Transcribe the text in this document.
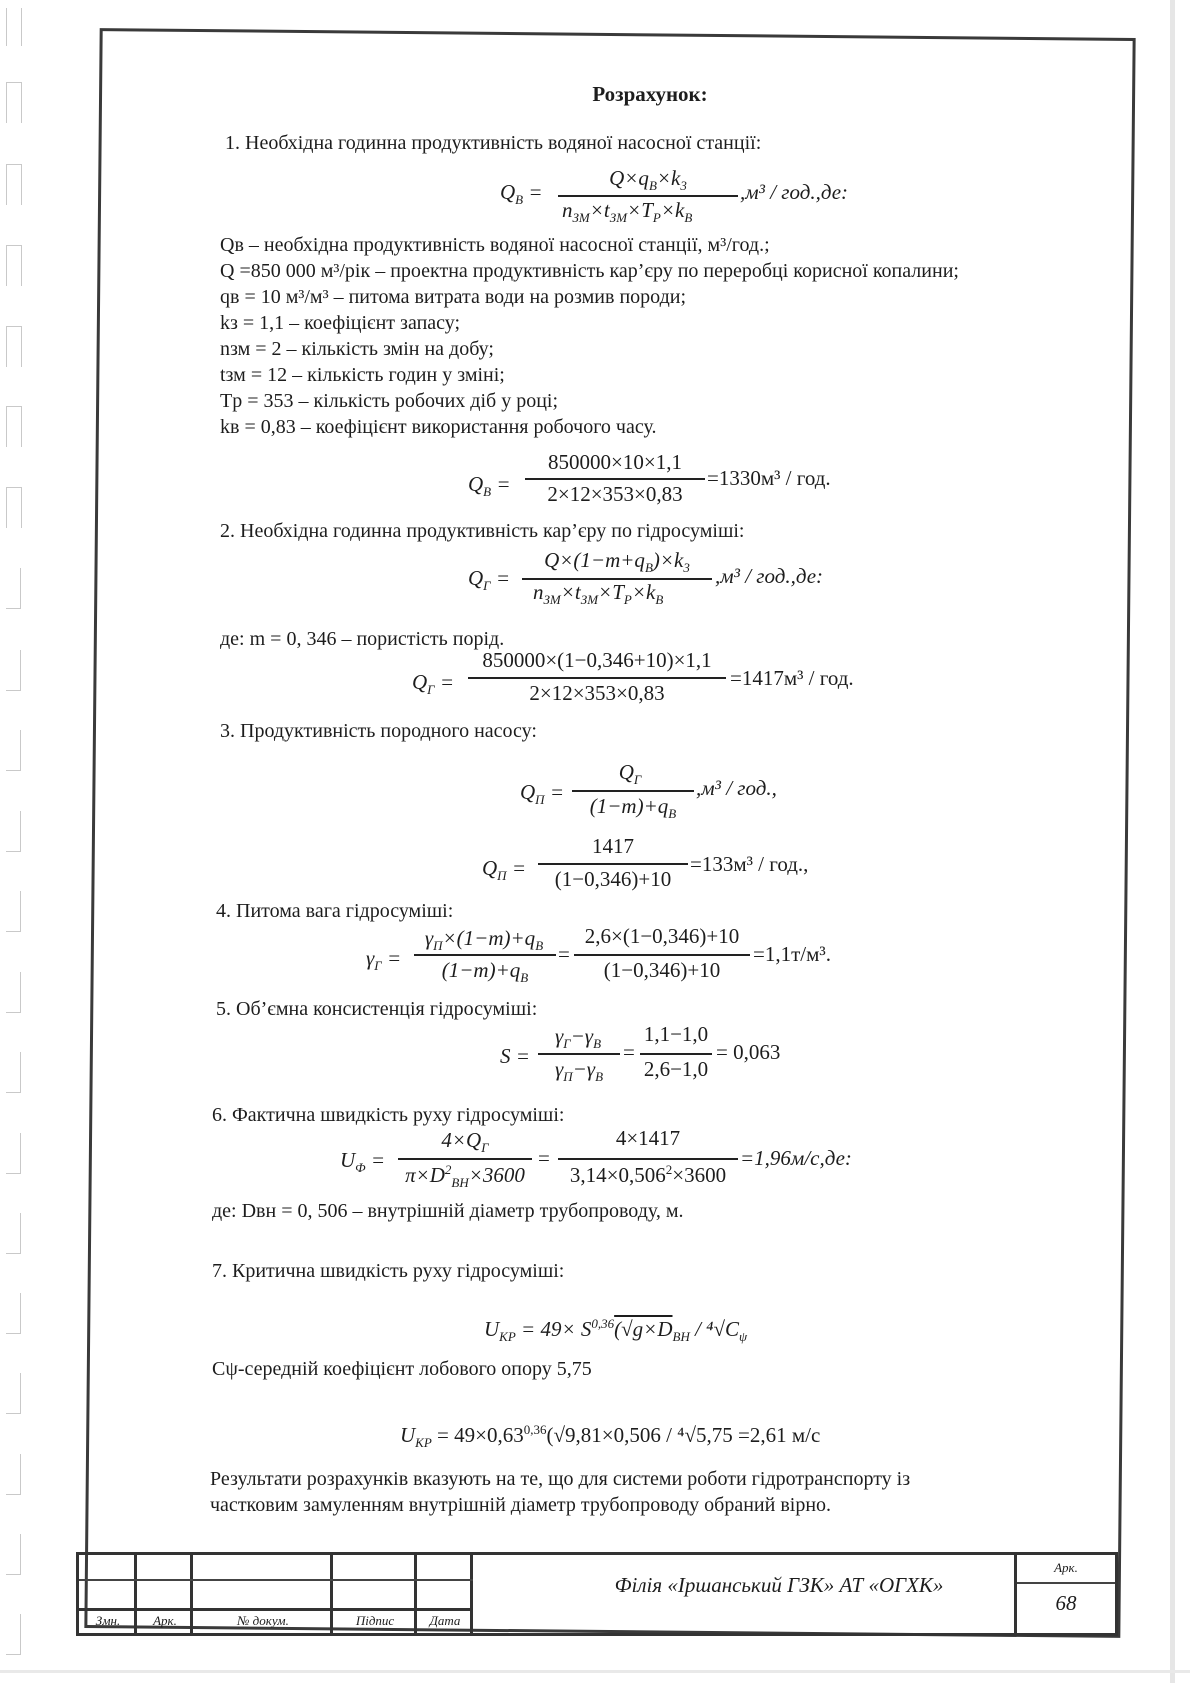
Розрахунок:
1. Необхідна годинна продуктивність водяної насосної станції:
$Q_B$ =
$Q\times q_B\times k_3$
$n_{ЗМ}\times t_{ЗМ}\times T_P\times k_B$
,м³ / год.,де:
Qв – необхідна продуктивність водяної насосної станції, м³/год.;
Q =850 000 м³/рік – проектна продуктивність кар’єру по переробці корисної копалини;
qв = 10 м³/м³ – питома витрата води на розмив породи;
kз = 1,1 – коефіцієнт запасу;
nзм = 2 – кількість змін на добу;
tзм = 12 – кількість годин у зміні;
Tр = 353 – кількість робочих діб у році;
kв = 0,83 – коефіцієнт використання робочого часу.
$Q_B$ =
850000×10×1,1
2×12×353×0,83
=1330м³ / год.
2. Необхідна годинна продуктивність кар’єру по гідросуміші:
$Q_Г$ =
$Q\times(1-m+q_B)\times k_3$
$n_{ЗМ}\times t_{ЗМ}\times T_P\times k_B$
,м³ / год.,де:
де: m = 0, 346 – пористість порід.
$Q_Г$ =
850000×(1−0,346+10)×1,1
2×12×353×0,83
=1417м³ / год.
3. Продуктивність породного насосу:
$Q_П$ =
$Q_Г$
$(1-m)+q_B$
,м³ / год.,
$Q_П$ =
1417
(1−0,346)+10
=133м³ / год.,
4. Питома вага гідросуміші:
$\gamma_Г$ =
$\gamma_П\times(1-m)+q_B$
$(1-m)+q_B$
=
2,6×(1−0,346)+10
(1−0,346)+10
=1,1т/м³.
5. Об’ємна консистенція гідросуміші:
S =
$\gamma_Г-\gamma_B$
$\gamma_П-\gamma_B$
=
1,1−1,0
2,6−1,0
= 0,063
6. Фактична швидкість руху гідросуміші:
$U_Ф$ =
$4\times Q_Г$
$\pi\times D^2_{BH}\times 3600$
=
4×1417
$3,14\times 0,506^2\times 3600$
=1,96м/с,де:
де: Dвн = 0, 506 – внутрішній діаметр трубопроводу, м.
7. Критична швидкість руху гідросуміші:
$U_{KP} = 49\times S^{0,36}(√g\times D_{BH} / ^4√C_\psi$
Cψ-середній коефіцієнт лобового опору 5,75
$U_{KP} = 49\times 0,63^{0,36}(√9,81\times 0,506 / ^4√5,75 =2,61$ м/с
Результати розрахунків вказують на те, що для системи роботи гідротранспорту із
частковим замуленням внутрішній діаметр трубопроводу обраний вірно.
Змн.	Арк.	№ докум.	Підпис	Дата
Філія «Іршанський ГЗК» АТ «ОГХК»
Арк.
68
